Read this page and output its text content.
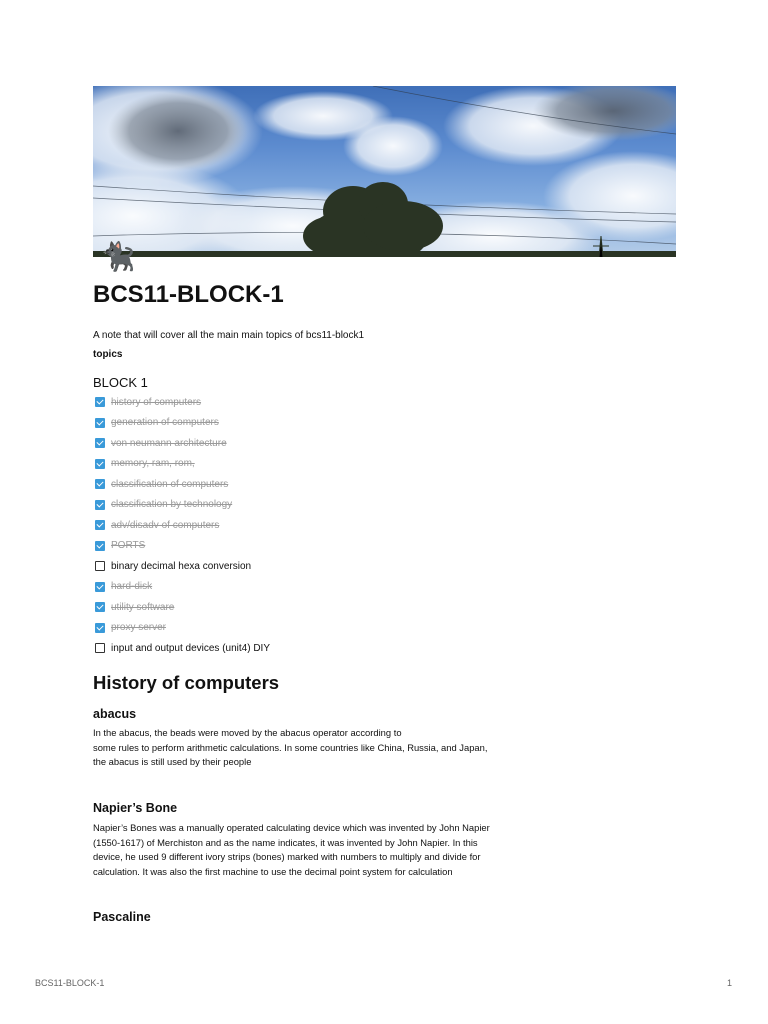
🐈‍⬛
BCS11-BLOCK-1
A note that will cover all the main main topics of bcs11-block1
topics
BLOCK 1
history of computers
generation of computers
von neumann architecture
memory, ram, rom,
classification of computers
classification by technology
adv/disadv of computers
PORTS
binary decimal hexa conversion
hard-disk
utility software
proxy server
input and output devices (unit4) DIY
History of computers
abacus
In the abacus, the beads were moved by the abacus operator according to
some rules to perform arithmetic calculations. In some countries like China, Russia, and Japan,
the abacus is still used by their people
Napier’s Bone
Napier’s Bones was a manually operated calculating device which was invented by John Napier
(1550-1617) of Merchiston and as the name indicates, it was invented by John Napier. In this
device, he used 9 different ivory strips (bones) marked with numbers to multiply and divide for
calculation. It was also the first machine to use the decimal point system for calculation
Pascaline
BCS11-BLOCK-1	1
